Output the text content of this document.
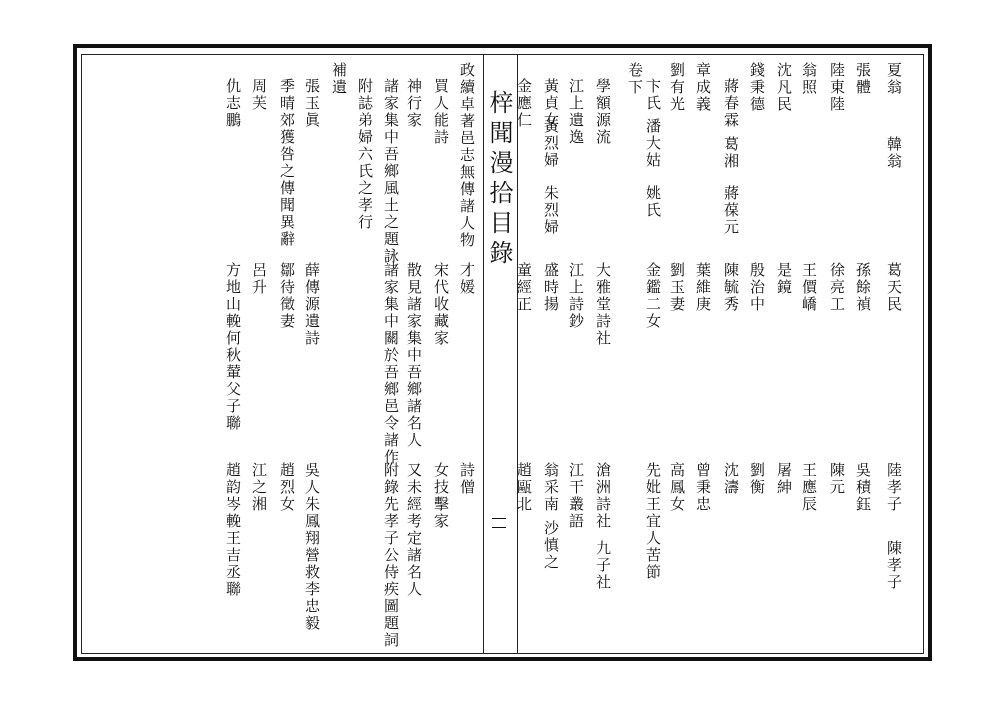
梓聞漫拾目錄
卷下	夏翁
韓翁
葛天民
陸孝子
陳孝子
張體
孫餘禎
吳積鈺
陸東陸
徐亮工
陳元
翁照
王價嶠
王應辰
沈凡民
是鏡
屠紳
錢秉德
殷治中
劉衡
蔣春霖
葛湘
蔣葆元
陳毓秀
沈濤
章成義
葉維庚
曾秉忠
劉有光
劉玉妻
高鳳女
卞氏
潘大姑
姚氏
金鑑二女
先妣王宜人苦節
學額源流
大雅堂詩社
滄洲詩社
九子社
江上遺逸
江上詩鈔
江干叢語
黃貞女
黃烈婦
朱烈婦
盛時揚
翁采南
沙慎之
金應仁
童經正
趙甌北
政續卓著邑志無傳諸人物
才媛
詩僧
買人能詩
宋代收藏家
女技擊家
神行家
散見諸家集中吾鄉諸名人
又未經考定諸名人
諸家集中吾鄉風土之題詠
諸家集中關於吾鄉邑令諸作
附錄先孝子公侍疾圖題詞
附誌弟婦六氏之孝行
補遺
張玉眞
薛傳源遺詩
吳人朱鳳翔營救李忠毅
季晴郊獲咎之傳聞異辭
鄒待徵妻
趙烈女
周芙
呂升
江之湘
仇志鵬
方地山輓何秋輦父子聯
趙韵岑輓王吉丞聯
